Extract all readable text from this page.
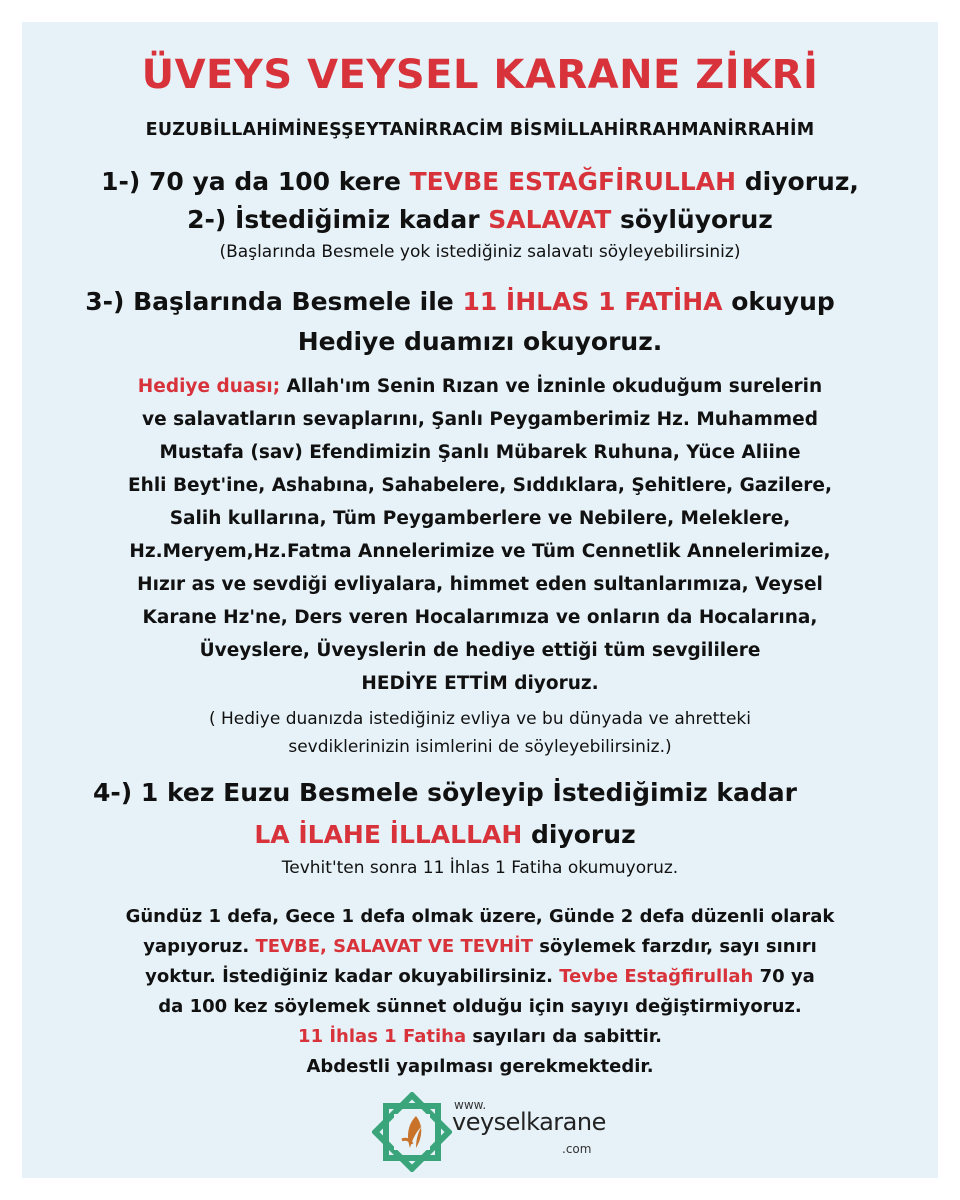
ÜVEYS VEYSEL KARANE ZİKRİ
EUZUBİLLAHİMİNEŞŞEYTANİRRACİM BİSMİLLAHİRRAHMANİRRAHİM
1-) 70 ya da 100 kere TEVBE ESTAĞFİRULLAH diyoruz,
2-) İstediğimiz kadar SALAVAT söylüyoruz
(Başlarında Besmele yok istediğiniz salavatı söyleyebilirsiniz)
3-) Başlarında Besmele ile 11 İHLAS 1 FATİHA okuyup
Hediye duamızı okuyoruz.
Hediye duası; Allah'ım Senin Rızan ve İzninle okuduğum surelerin
ve salavatların sevaplarını, Şanlı Peygamberimiz Hz. Muhammed
Mustafa (sav) Efendimizin Şanlı Mübarek Ruhuna, Yüce Aliine
Ehli Beyt'ine, Ashabına, Sahabelere, Sıddıklara, Şehitlere, Gazilere,
Salih kullarına, Tüm Peygamberlere ve Nebilere, Meleklere,
Hz.Meryem,Hz.Fatma Annelerimize ve Tüm Cennetlik Annelerimize,
Hızır as ve sevdiği evliyalara, himmet eden sultanlarımıza, Veysel
Karane Hz'ne, Ders veren Hocalarımıza ve onların da Hocalarına,
Üveyslere, Üveyslerin de hediye ettiği tüm sevgililere
HEDİYE ETTİM diyoruz.
( Hediye duanızda istediğiniz evliya ve bu dünyada ve ahretteki
sevdiklerinizin isimlerini de söyleyebilirsiniz.)
4-) 1 kez Euzu Besmele söyleyip İstediğimiz kadar
LA İLAHE İLLALLAH diyoruz
Tevhit'ten sonra 11 İhlas 1 Fatiha okumuyoruz.
Gündüz 1 defa, Gece 1 defa olmak üzere, Günde 2 defa düzenli olarak
yapıyoruz. TEVBE, SALAVAT VE TEVHİT söylemek farzdır, sayı sınırı
yoktur. İstediğiniz kadar okuyabilirsiniz. Tevbe Estağfirullah 70 ya
da 100 kez söylemek sünnet olduğu için sayıyı değiştirmiyoruz.
11 İhlas 1 Fatiha sayıları da sabittir.
Abdestli yapılması gerekmektedir.
www.
veyselkarane
.com
